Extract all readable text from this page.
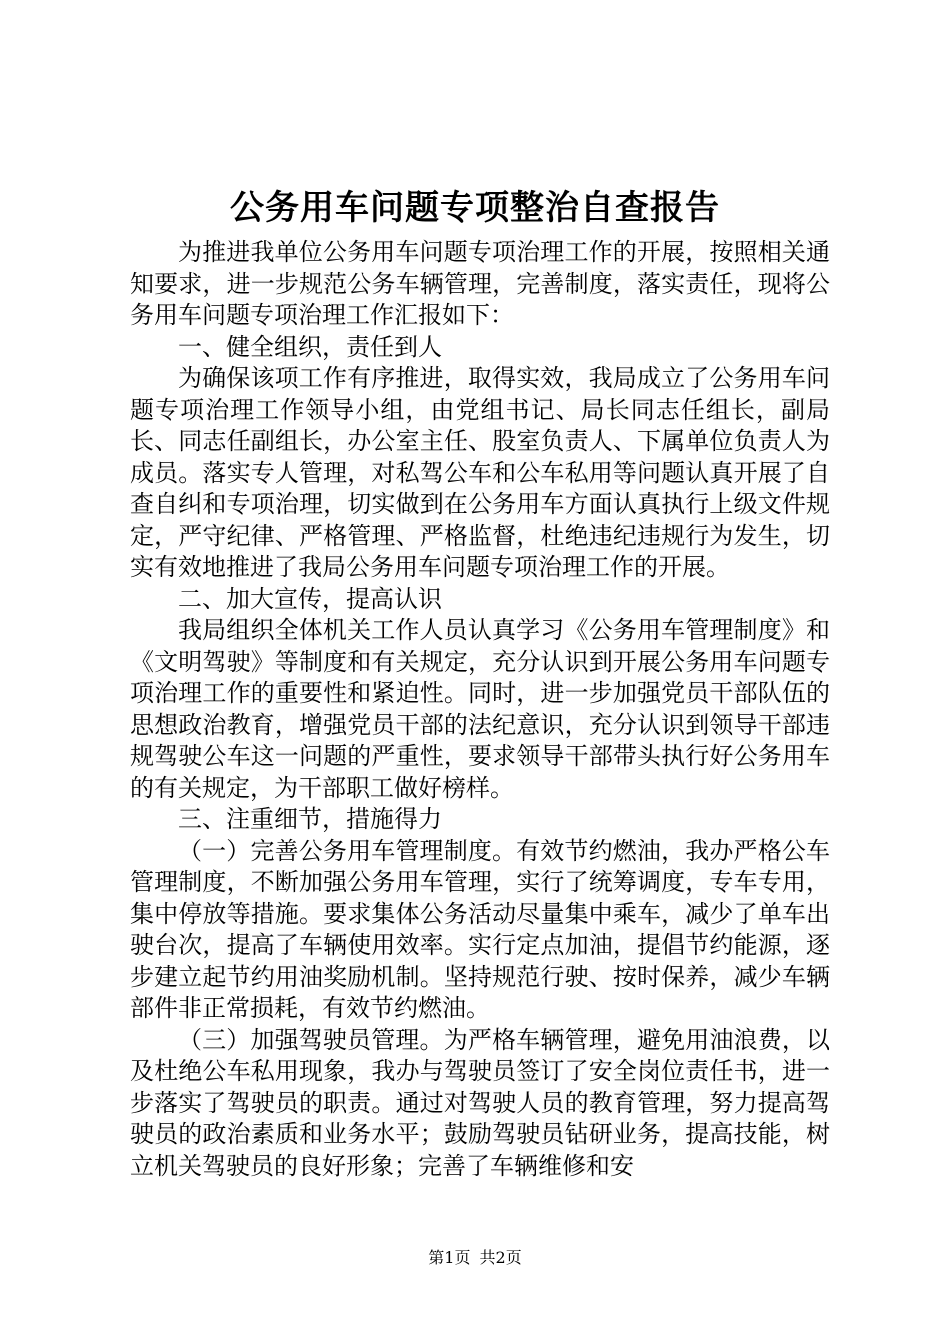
公务用车问题专项整治自查报告

为推进我单位公务用车问题专项治理工作的开展，按照相关通知要求，进一步规范公务车辆管理，完善制度，落实责任，现将公务用车问题专项治理工作汇报如下：

一、健全组织，责任到人

为确保该项工作有序推进，取得实效，我局成立了公务用车问题专项治理工作领导小组，由党组书记、局长同志任组长，副局长、同志任副组长，办公室主任、股室负责人、下属单位负责人为成员。落实专人管理，对私驾公车和公车私用等问题认真开展了自查自纠和专项治理，切实做到在公务用车方面认真执行上级文件规定，严守纪律、严格管理、严格监督，杜绝违纪违规行为发生，切实有效地推进了我局公务用车问题专项治理工作的开展。

二、加大宣传，提高认识

我局组织全体机关工作人员认真学习《公务用车管理制度》和《文明驾驶》等制度和有关规定，充分认识到开展公务用车问题专项治理工作的重要性和紧迫性。同时，进一步加强党员干部队伍的思想政治教育，增强党员干部的法纪意识，充分认识到领导干部违规驾驶公车这一问题的严重性，要求领导干部带头执行好公务用车的有关规定，为干部职工做好榜样。

三、注重细节，措施得力

（一）完善公务用车管理制度。有效节约燃油，我办严格公车管理制度，不断加强公务用车管理，实行了统筹调度，专车专用，集中停放等措施。要求集体公务活动尽量集中乘车，减少了单车出驶台次，提高了车辆使用效率。实行定点加油，提倡节约能源，逐步建立起节约用油奖励机制。坚持规范行驶、按时保养，减少车辆部件非正常损耗，有效节约燃油。

（三）加强驾驶员管理。为严格车辆管理，避免用油浪费，以及杜绝公车私用现象，我办与驾驶员签订了安全岗位责任书，进一步落实了驾驶员的职责。通过对驾驶人员的教育管理，努力提高驾驶员的政治素质和业务水平；鼓励驾驶员钻研业务，提高技能，树立机关驾驶员的良好形象；完善了车辆维修和安

第1页 共2页
